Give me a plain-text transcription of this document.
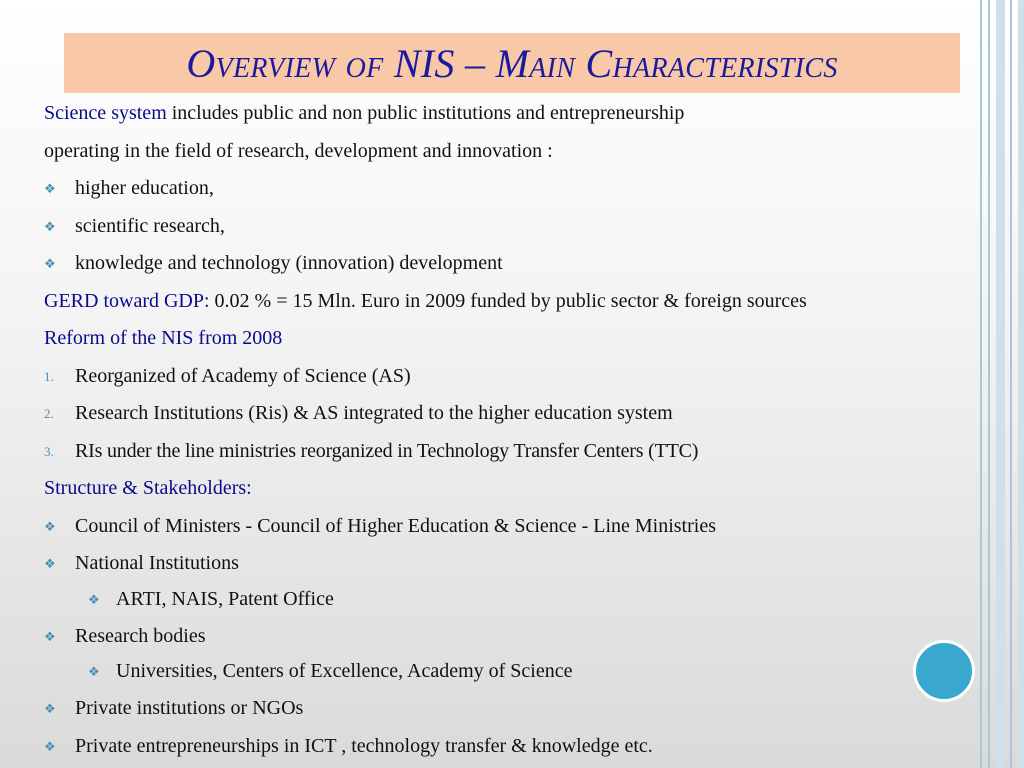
Overview of NIS – Main Characteristics
Science system includes public and non public institutions and entrepreneurship
operating in the field of research, development and innovation :
❖ higher education,
❖ scientific research,
❖ knowledge and technology (innovation) development
GERD toward GDP: 0.02 % = 15 Mln. Euro in 2009 funded by public sector & foreign sources
Reform of the NIS from 2008
1. Reorganized of Academy of Science (AS)
2. Research Institutions (Ris) & AS integrated to the higher education system
3. RIs under the line ministries reorganized in Technology Transfer Centers (TTC)
Structure & Stakeholders:
❖ Council of Ministers - Council of Higher Education & Science - Line Ministries
❖ National Institutions
❖ ARTI, NAIS, Patent Office
❖ Research bodies
❖ Universities, Centers of Excellence, Academy of Science
❖ Private institutions or NGOs
❖ Private entrepreneurships in ICT , technology transfer & knowledge etc.
